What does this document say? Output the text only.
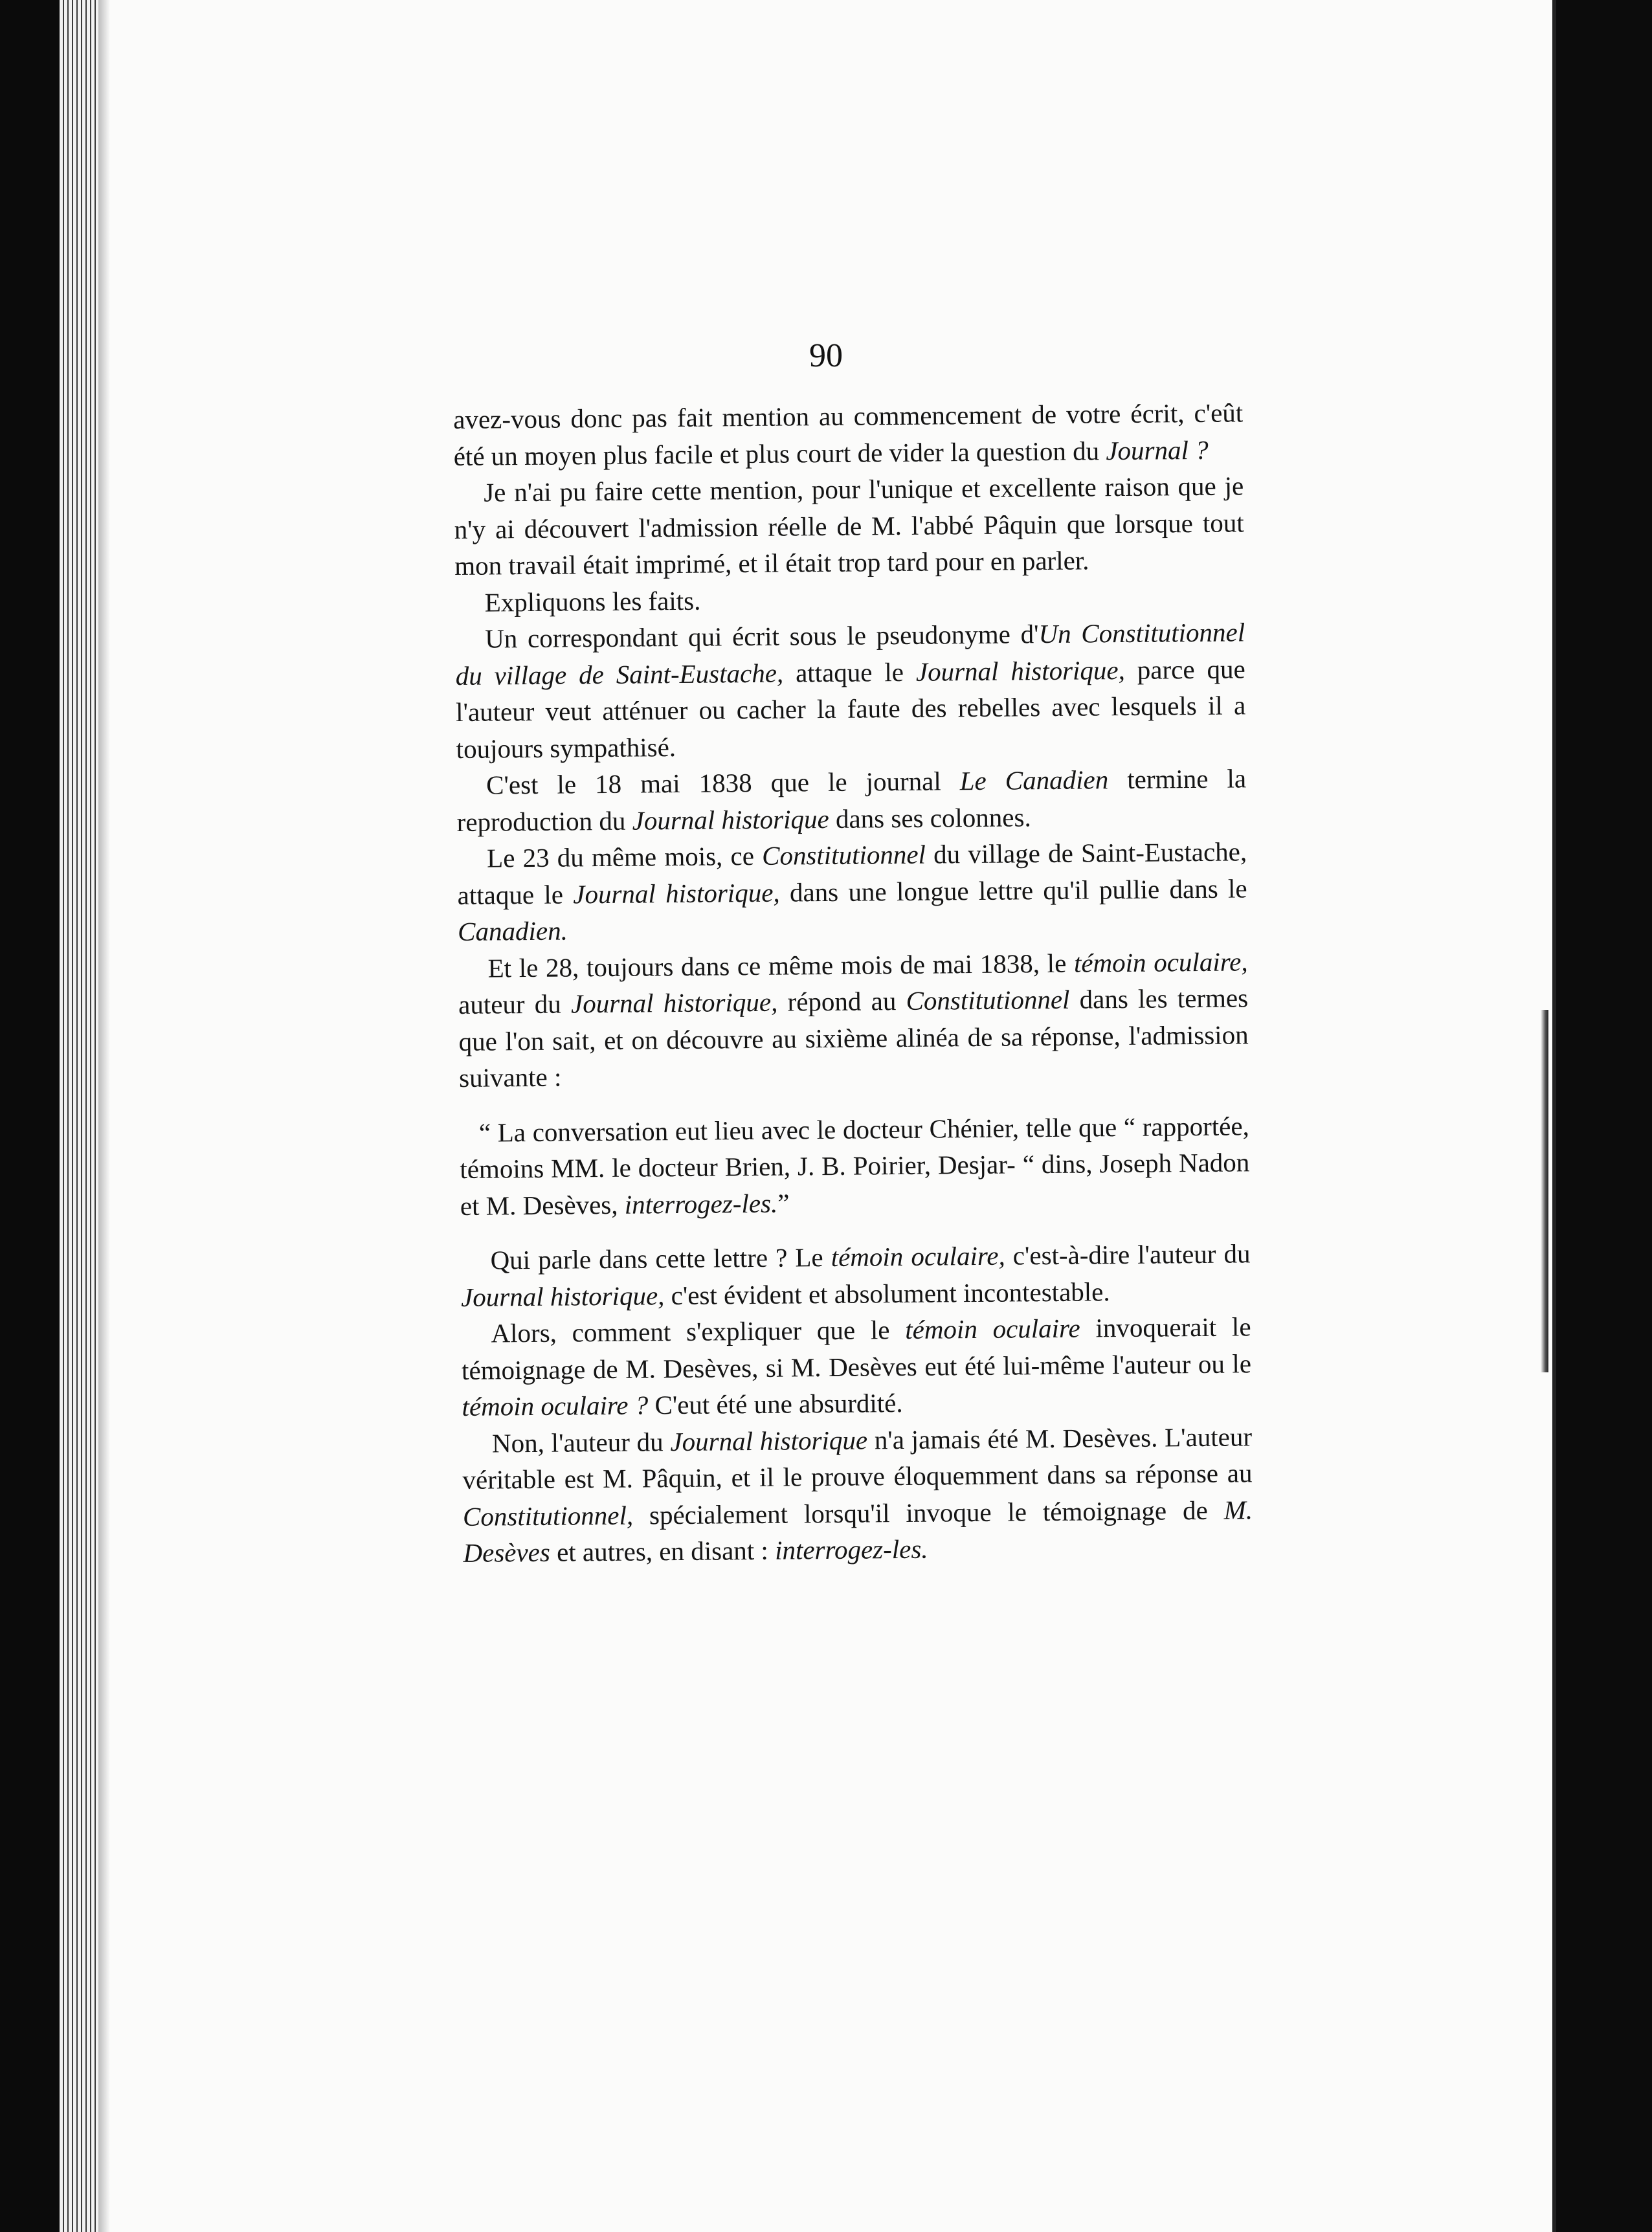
90

avez-vous donc pas fait mention au commencement de votre écrit, c'eût été un moyen plus facile et plus court de vider la question du Journal ?

Je n'ai pu faire cette mention, pour l'unique et excellente raison que je n'y ai découvert l'admission réelle de M. l'abbé Pâquin que lorsque tout mon travail était imprimé, et il était trop tard pour en parler.

Expliquons les faits.

Un correspondant qui écrit sous le pseudonyme d'Un Constitutionnel du village de Saint-Eustache, attaque le Journal historique, parce que l'auteur veut atténuer ou cacher la faute des rebelles avec lesquels il a toujours sympathisé.

C'est le 18 mai 1838 que le journal Le Canadien termine la reproduction du Journal historique dans ses colonnes.

Le 23 du même mois, ce Constitutionnel du village de Saint-Eustache, attaque le Journal historique, dans une longue lettre qu'il pullie dans le Canadien.

Et le 28, toujours dans ce même mois de mai 1838, le témoin oculaire, auteur du Journal historique, répond au Constitutionnel dans les termes que l'on sait, et on découvre au sixième alinéa de sa réponse, l'admission suivante :

“ La conversation eut lieu avec le docteur Chénier, telle que “ rapportée, témoins MM. le docteur Brien, J. B. Poirier, Desjar- “ dins, Joseph Nadon et M. Desèves, interrogez-les.”

Qui parle dans cette lettre ? Le témoin oculaire, c'est-à-dire l'auteur du Journal historique, c'est évident et absolument incontestable.

Alors, comment s'expliquer que le témoin oculaire invoquerait le témoignage de M. Desèves, si M. Desèves eut été lui-même l'auteur ou le témoin oculaire ? C'eut été une absurdité.

Non, l'auteur du Journal historique n'a jamais été M. Desèves. L'auteur véritable est M. Pâquin, et il le prouve éloquemment dans sa réponse au Constitutionnel, spécialement lorsqu'il invoque le témoignage de M. Desèves et autres, en disant : interrogez-les.
